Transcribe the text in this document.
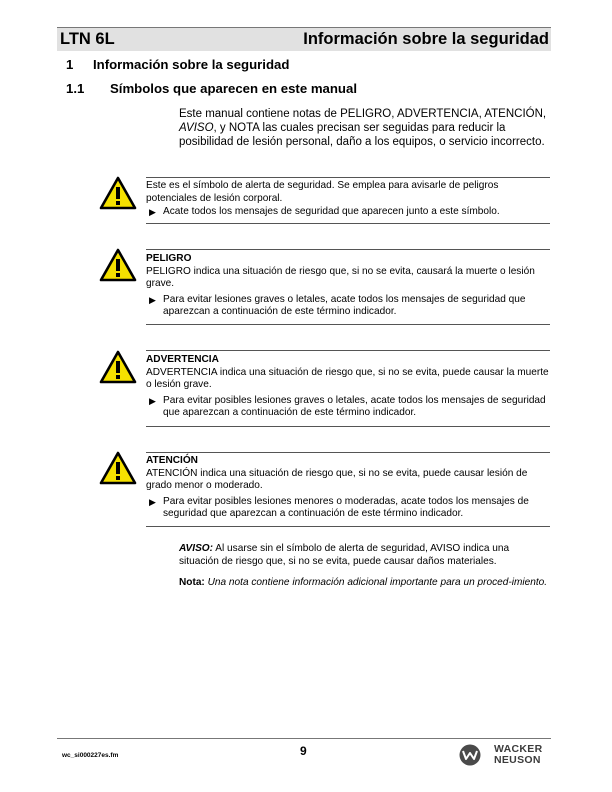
LTN 6L	Información sobre la seguridad
1 Información sobre la seguridad
1.1 Símbolos que aparecen en este manual
Este manual contiene notas de PELIGRO, ADVERTENCIA, ATENCIÓN, AVISO, y NOTA las cuales precisan ser seguidas para reducir la posibilidad de lesión personal, daño a los equipos, o servicio incorrecto.
Este es el símbolo de alerta de seguridad. Se emplea para avisarle de peligros potenciales de lesión corporal.
▶ Acate todos los mensajes de seguridad que aparecen junto a este símbolo.
PELIGRO
PELIGRO indica una situación de riesgo que, si no se evita, causará la muerte o lesión grave.
▶ Para evitar lesiones graves o letales, acate todos los mensajes de seguridad que aparezcan a continuación de este término indicador.
ADVERTENCIA
ADVERTENCIA indica una situación de riesgo que, si no se evita, puede causar la muerte o lesión grave.
▶ Para evitar posibles lesiones graves o letales, acate todos los mensajes de seguridad que aparezcan a continuación de este término indicador.
ATENCIÓN
ATENCIÓN indica una situación de riesgo que, si no se evita, puede causar lesión de grado menor o moderado.
▶ Para evitar posibles lesiones menores o moderadas, acate todos los mensajes de seguridad que aparezcan a continuación de este término indicador.
AVISO: Al usarse sin el símbolo de alerta de seguridad, AVISO indica una situación de riesgo que, si no se evita, puede causar daños materiales.
Nota: Una nota contiene información adicional importante para un proced-imiento.
wc_si000227es.fm	9	WACKER
NEUSON
